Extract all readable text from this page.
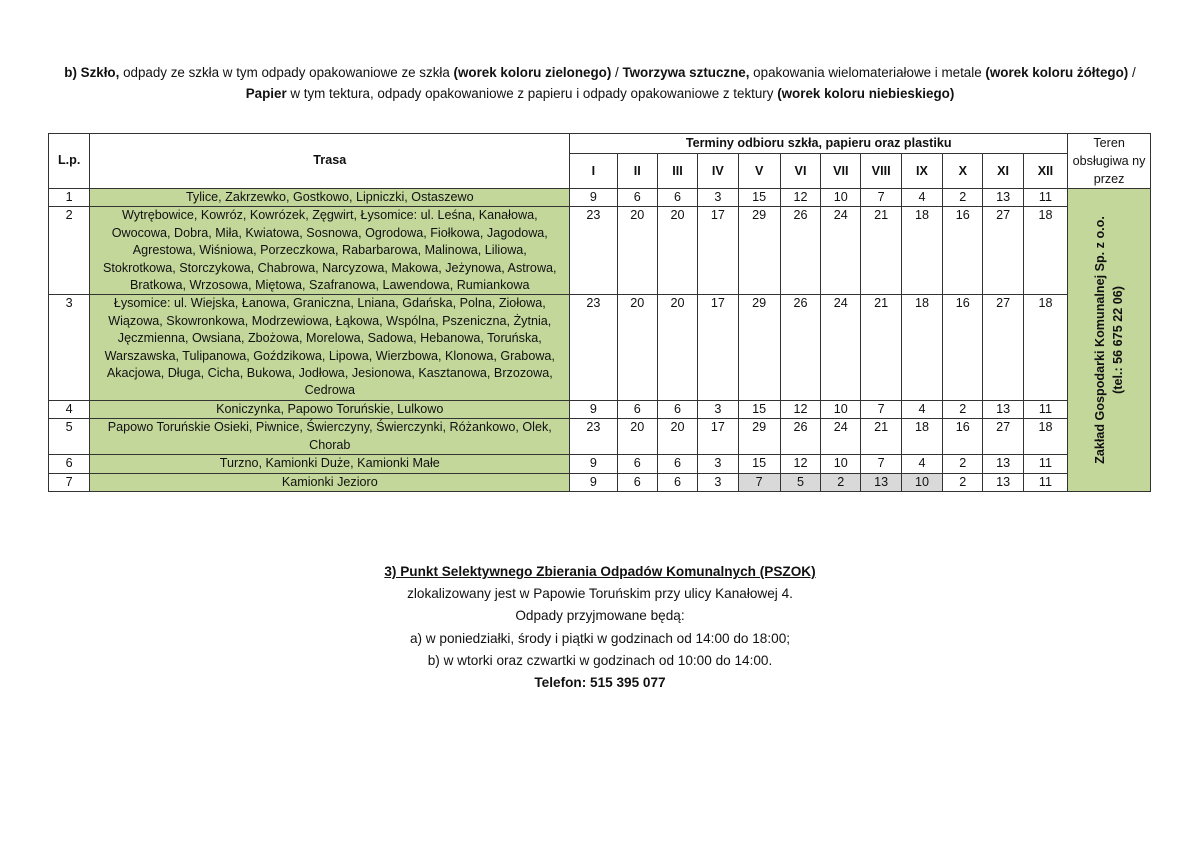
b) Szkło, odpady ze szkła w tym odpady opakowaniowe ze szkła (worek koloru zielonego) / Tworzywa sztuczne, opakowania wielomateriałowe i metale (worek koloru żółtego) / Papier w tym tektura, odpady opakowaniowe z papieru i odpady opakowaniowe z tektury (worek koloru niebieskiego)
L.p.	Trasa	Terminy odbioru szkła, papieru oraz plastiku												Teren obsługiwa ny przez
		I	II	III	IV	V	VI	VII	VIII	IX	X	XI	XII	
1	Tylice, Zakrzewko, Gostkowo, Lipniczki, Ostaszewo	9	6	6	3	15	12	10	7	4	2	13	11	Zakład Gospodarki Komunalnej Sp. z o.o. (tel.: 56 675 22 06)

2	Wytrębowice, Kowróz, Kowrózek, Zęgwirt, Łysomice: ul. Leśna, Kanałowa, Owocowa, Dobra, Miła, Kwiatowa, Sosnowa, Ogrodowa, Fiołkowa, Jagodowa, Agrestowa, Wiśniowa, Porzeczkowa, Rabarbarowa, Malinowa, Liliowa, Stokrotkowa, Storczykowa, Chabrowa, Narcyzowa, Makowa, Jeżynowa, Astrowa, Bratkowa, Wrzosowa, Miętowa, Szafranowa, Lawendowa, Rumiankowa	23	20	20	17	29	26	24	21	18	16	27	18	
3	Łysomice: ul. Wiejska, Łanowa, Graniczna, Lniana, Gdańska, Polna, Ziołowa, Wiązowa, Skowronkowa, Modrzewiowa, Łąkowa, Wspólna, Pszeniczna, Żytnia, Jęczmienna, Owsiana, Zbożowa, Morelowa, Sadowa, Hebanowa, Toruńska, Warszawska, Tulipanowa, Goździkowa, Lipowa, Wierzbowa, Klonowa, Grabowa, Akacjowa, Długa, Cicha, Bukowa, Jodłowa, Jesionowa, Kasztanowa, Brzozowa, Cedrowa	23	20	20	17	29	26	24	21	18	16	27	18	
4	Koniczynka, Papowo Toruńskie, Lulkowo	9	6	6	3	15	12	10	7	4	2	13	11	
5	Papowo Toruńskie Osieki, Piwnice, Świerczyny, Świerczynki, Różankowo, Olek, Chorab	23	20	20	17	29	26	24	21	18	16	27	18	
6	Turzno, Kamionki Duże, Kamionki Małe	9	6	6	3	15	12	10	7	4	2	13	11	
7	Kamionki Jezioro	9	6	6	3	7	5	2	13	10	2	13	11	
3) Punkt Selektywnego Zbierania Odpadów Komunalnych (PSZOK)
zlokalizowany jest w Papowie Toruńskim przy ulicy Kanałowej 4.
Odpady przyjmowane będą:
a) w poniedziałki, środy i piątki w godzinach od 14:00 do 18:00;
b) w wtorki oraz czwartki w godzinach od 10:00 do 14:00.
Telefon: 515 395 077
